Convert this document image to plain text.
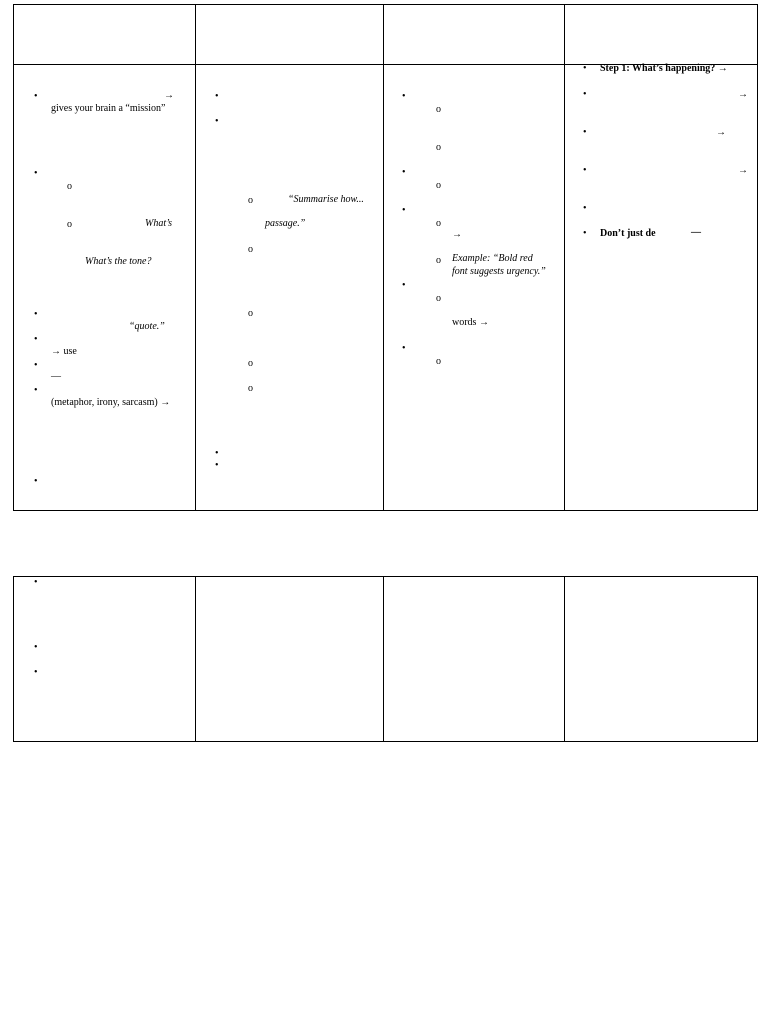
•	→
gives your brain a “mission”
•
o
o	What’s
What’s the tone?
•
“quote.”
•
→ use
•
—
•
(metaphor, irony, sarcasm) →
•
•
•
o	“Summarise how...
passage.”
o
o
o
o
•
•
•
o
o
•
o
•
o
→
o Example: “Bold red
font suggests urgency.”
•
o
words →
•
o
• Step 1: What’s happening? →
•	→
•	→
•	→
•
• Don’t just de	—
•
•
•
